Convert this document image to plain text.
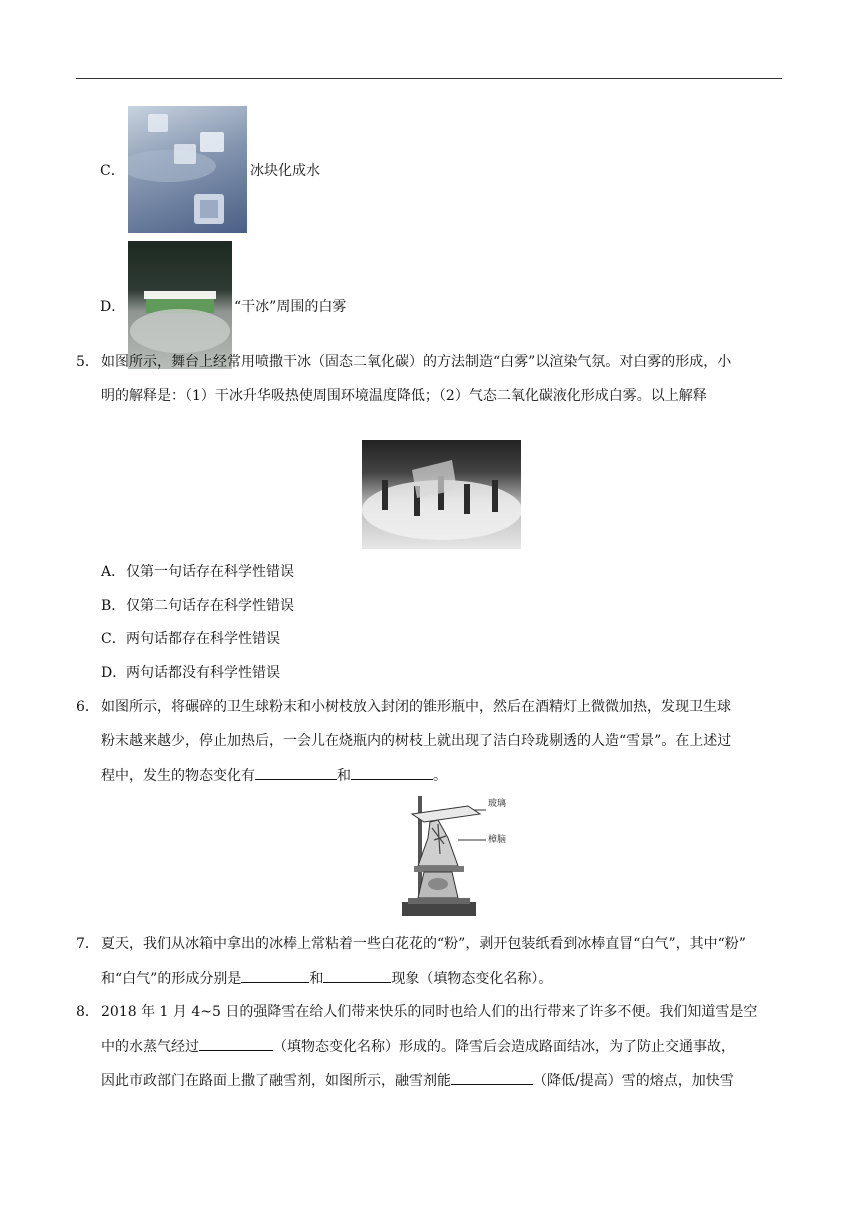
C．	冰块化成水
D．	“干冰”周围的白雾
5． 如图所示，舞台上经常用喷撒干冰（固态二氧化碳）的方法制造“白雾”以渲染气氛。对白雾的形成，小
明的解释是：（1）干冰升华吸热使周围环境温度降低；（2）气态二氧化碳液化形成白雾。以上解释
A． 仅第一句话存在科学性错误
B． 仅第二句话存在科学性错误
C． 两句话都存在科学性错误
D． 两句话都没有科学性错误
6． 如图所示，将碾碎的卫生球粉末和小树枝放入封闭的锥形瓶中，然后在酒精灯上微微加热，发现卫生球
粉末越来越少，停止加热后，一会儿在烧瓶内的树枝上就出现了洁白玲珑剔透的人造“雪景”。在上述过
程中，发生的物态变化有	和	。
玻璃
樟脑
7． 夏天，我们从冰箱中拿出的冰棒上常粘着一些白花花的“粉”，剥开包装纸看到冰棒直冒“白气”，其中“粉”
和“白气”的形成分别是	和	现象（填物态变化名称）。
8． 2018 年 1 月 4~5 日的强降雪在给人们带来快乐的同时也给人们的出行带来了许多不便。我们知道雪是空
中的水蒸气经过	（填物态变化名称）形成的。降雪后会造成路面结冰，为了防止交通事故，
因此市政部门在路面上撒了融雪剂，如图所示，融雪剂能	（降低/提高）雪的熔点，加快雪
